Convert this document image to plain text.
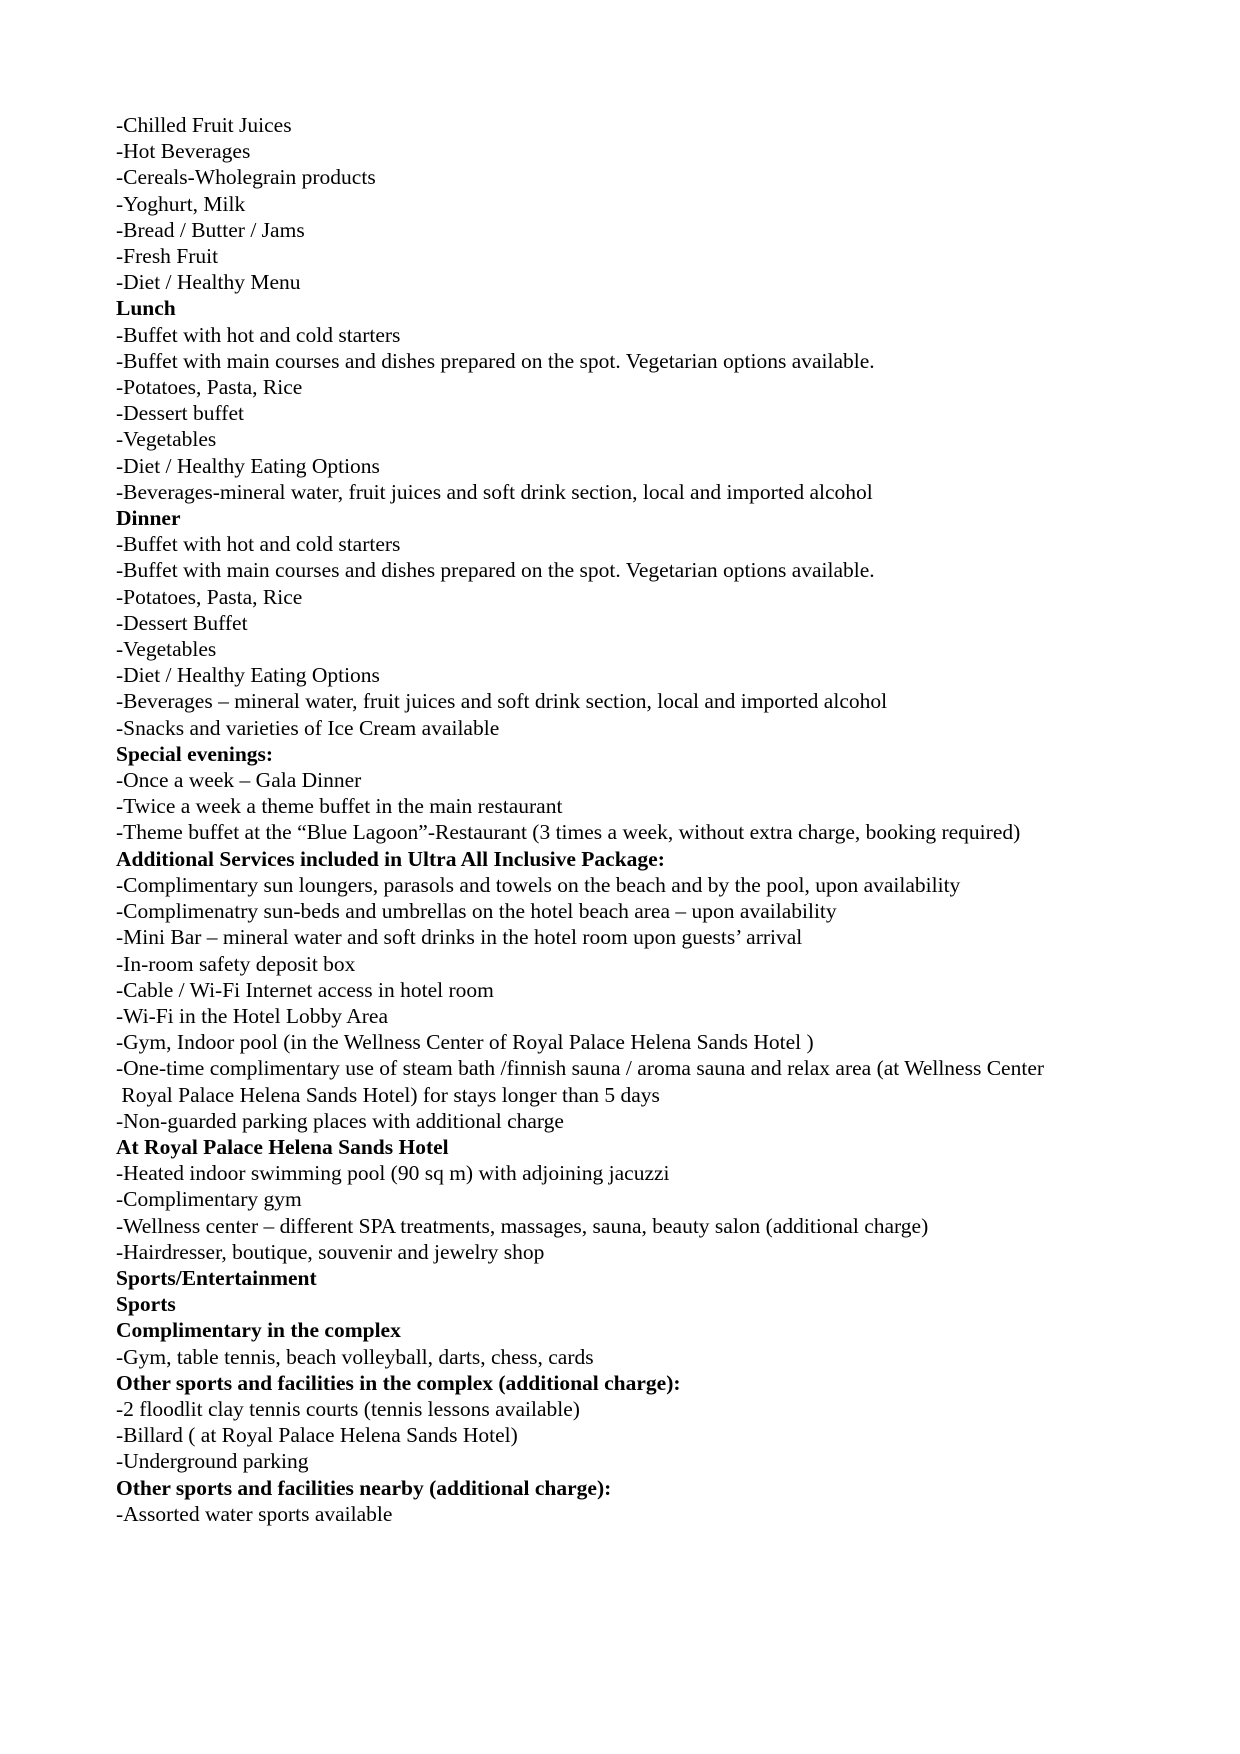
-Chilled Fruit Juices
-Hot Beverages
-Cereals-Wholegrain products
-Yoghurt, Milk
-Bread / Butter / Jams
-Fresh Fruit
-Diet / Healthy Menu
Lunch
-Buffet with hot and cold starters
-Buffet with main courses and dishes prepared on the spot. Vegetarian options available.
-Potatoes, Pasta, Rice
-Dessert buffet
-Vegetables
-Diet / Healthy Eating Options
-Beverages-mineral water, fruit juices and soft drink section, local and imported alcohol
Dinner
-Buffet with hot and cold starters
-Buffet with main courses and dishes prepared on the spot. Vegetarian options available.
-Potatoes, Pasta, Rice
-Dessert Buffet
-Vegetables
-Diet / Healthy Eating Options
-Beverages – mineral water, fruit juices and soft drink section, local and imported alcohol
-Snacks and varieties of Ice Cream available
Special evenings:
-Once a week – Gala Dinner
-Twice a week a theme buffet in the main restaurant
-Theme buffet at the “Blue Lagoon”-Restaurant (3 times a week, without extra charge, booking required)
Additional Services included in Ultra All Inclusive Package:
-Complimentary sun loungers, parasols and towels on the beach and by the pool, upon availability
-Complimenatry sun-beds and umbrellas on the hotel beach area – upon availability
-Mini Bar – mineral water and soft drinks in the hotel room upon guests’ arrival
-In-room safety deposit box
-Cable / Wi-Fi Internet access in hotel room
-Wi-Fi in the Hotel Lobby Area
-Gym, Indoor pool (in the Wellness Center of Royal Palace Helena Sands Hotel )
-One-time complimentary use of steam bath /finnish sauna / aroma sauna and relax area (at Wellness Center
Royal Palace Helena Sands Hotel) for stays longer than 5 days
-Non-guarded parking places with additional charge
At Royal Palace Helena Sands Hotel
-Heated indoor swimming pool (90 sq m) with adjoining jacuzzi
-Complimentary gym
-Wellness center – different SPA treatments, massages, sauna, beauty salon (additional charge)
-Hairdresser, boutique, souvenir and jewelry shop
Sports/Entertainment
Sports
Complimentary in the complex
-Gym, table tennis, beach volleyball, darts, chess, cards
Other sports and facilities in the complex (additional charge):
-2 floodlit clay tennis courts (tennis lessons available)
-Billard ( at Royal Palace Helena Sands Hotel)
-Underground parking
Other sports and facilities nearby (additional charge):
-Assorted water sports available
